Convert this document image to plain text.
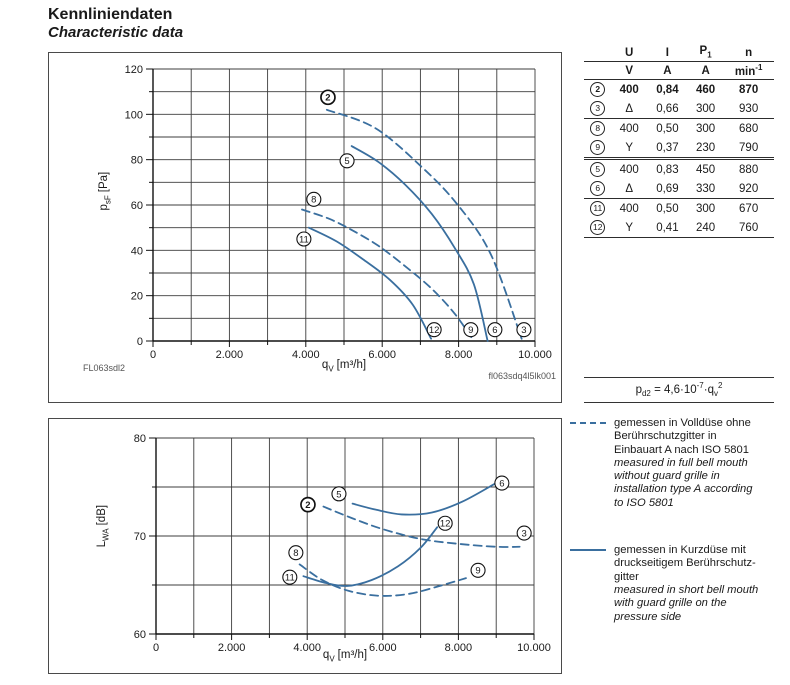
Kennliniendaten
Characteristic data
0
20
40
60
80
100
120
0	2.000	4.000	6.000	8.000	10.000
2
3
5
6
8
9
11
12
$p_{sF}[Pa]$
$q_V$ [m³/h]
FL063sdl2
fl063sdq4l5lk001
60
70
80
0	2.000	4.000	6.000	8.000	10.000
2
3
5
6
8
9
11
12
$L_{WA}[dB]$
$q_V$ [m³/h]
	U	I	$P_1$	n
	V	A	A	$\min^{-1}$
2	400	0,84	460	870
3	Δ	0,66	300	930
8	400	0,50	300	680
9	Y	0,37	230	790
5	400	0,83	450	880
6	Δ	0,69	330	920
11	400	0,50	300	670
12	Y	0,41	240	760
$p_{d2} = 4,6\cdot 10^{-7}\cdot q_v^2$
gemessen in Volldüse ohne
Berührschutzgitter in
Einbauart A nach ISO 5801
measured in full bell mouth
without guard grille in
installation type A according
to ISO 5801
gemessen in Kurzdüse mit
druckseitigem Berührschutz-
gitter
measured in short bell mouth
with guard grille on the
pressure side
